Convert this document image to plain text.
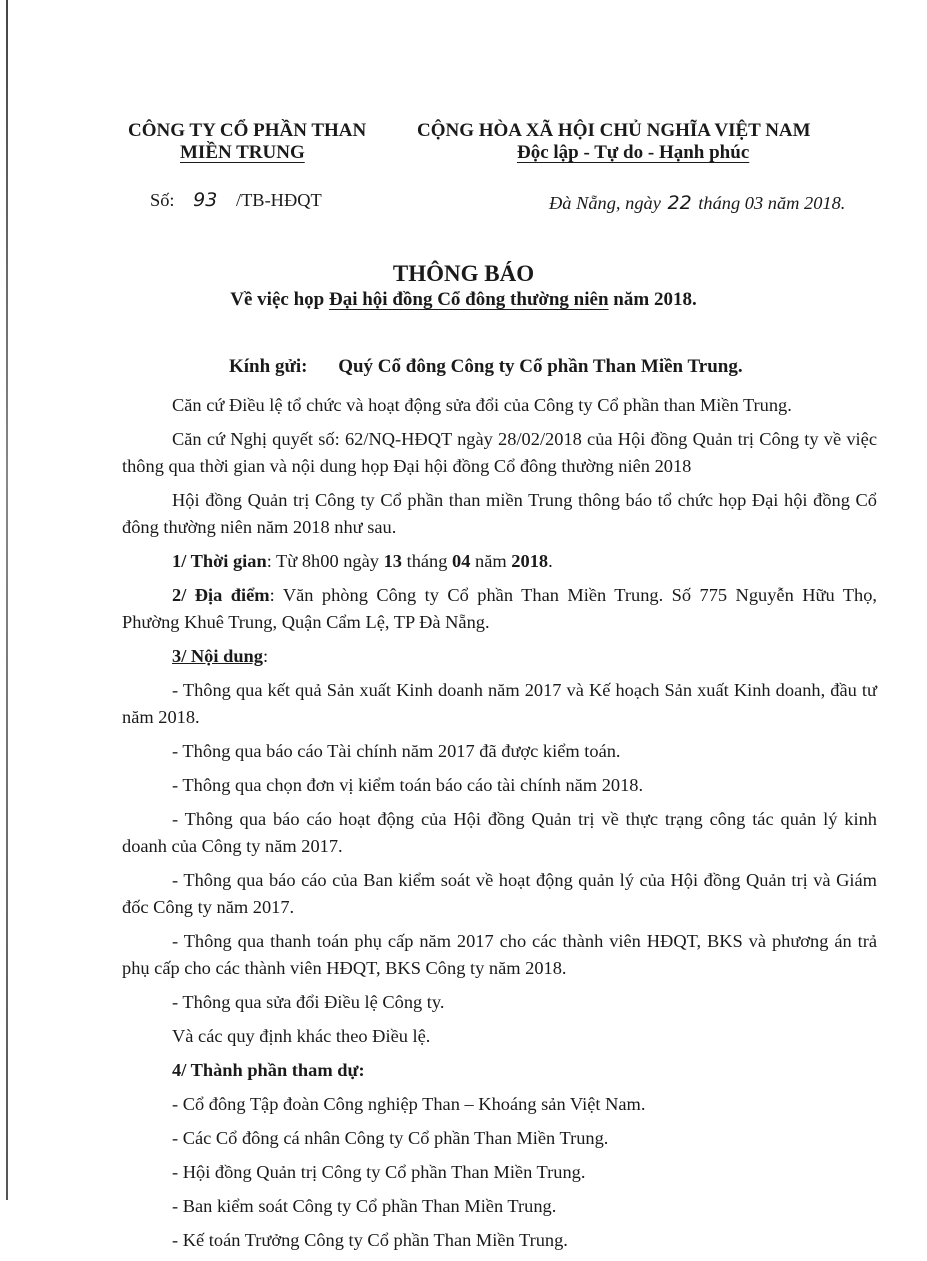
CÔNG TY CỔ PHẦN THAN
MIỀN TRUNG
CỘNG HÒA XÃ HỘI CHỦ NGHĨA VIỆT NAM
Độc lập - Tự do - Hạnh phúc
Số: 93 /TB-HĐQT	Đà Nẵng, ngày 22 tháng 03 năm 2018.
THÔNG BÁO
Về việc họp Đại hội đồng Cổ đông thường niên năm 2018.
Kính gửi: Quý Cổ đông Công ty Cổ phần Than Miền Trung.

Căn cứ Điều lệ tổ chức và hoạt động sửa đổi của Công ty Cổ phần than Miền Trung.

Căn cứ Nghị quyết số: 62/NQ-HĐQT ngày 28/02/2018 của Hội đồng Quản trị Công ty về việc thông qua thời gian và nội dung họp Đại hội đồng Cổ đông thường niên 2018

Hội đồng Quản trị Công ty Cổ phần than miền Trung thông báo tổ chức họp Đại hội đồng Cổ đông thường niên năm 2018 như sau.

1/ Thời gian: Từ 8h00 ngày 13 tháng 04 năm 2018.

2/ Địa điểm: Văn phòng Công ty Cổ phần Than Miền Trung. Số 775 Nguyễn Hữu Thọ, Phường Khuê Trung, Quận Cẩm Lệ, TP Đà Nẵng.

3/ Nội dung:

- Thông qua kết quả Sản xuất Kinh doanh năm 2017 và Kế hoạch Sản xuất Kinh doanh, đầu tư năm 2018.

- Thông qua báo cáo Tài chính năm 2017 đã được kiểm toán.

- Thông qua chọn đơn vị kiểm toán báo cáo tài chính năm 2018.

- Thông qua báo cáo hoạt động của Hội đồng Quản trị về thực trạng công tác quản lý kinh doanh của Công ty năm 2017.

- Thông qua báo cáo của Ban kiểm soát về hoạt động quản lý của Hội đồng Quản trị và Giám đốc Công ty năm 2017.

- Thông qua thanh toán phụ cấp năm 2017 cho các thành viên HĐQT, BKS và phương án trả phụ cấp cho các thành viên HĐQT, BKS Công ty năm 2018.

- Thông qua sửa đổi Điều lệ Công ty.

Và các quy định khác theo Điều lệ.

4/ Thành phần tham dự:

- Cổ đông Tập đoàn Công nghiệp Than – Khoáng sản Việt Nam.

- Các Cổ đông cá nhân Công ty Cổ phần Than Miền Trung.

- Hội đồng Quản trị Công ty Cổ phần Than Miền Trung.

- Ban kiểm soát Công ty Cổ phần Than Miền Trung.

- Kế toán Trưởng Công ty Cổ phần Than Miền Trung.
